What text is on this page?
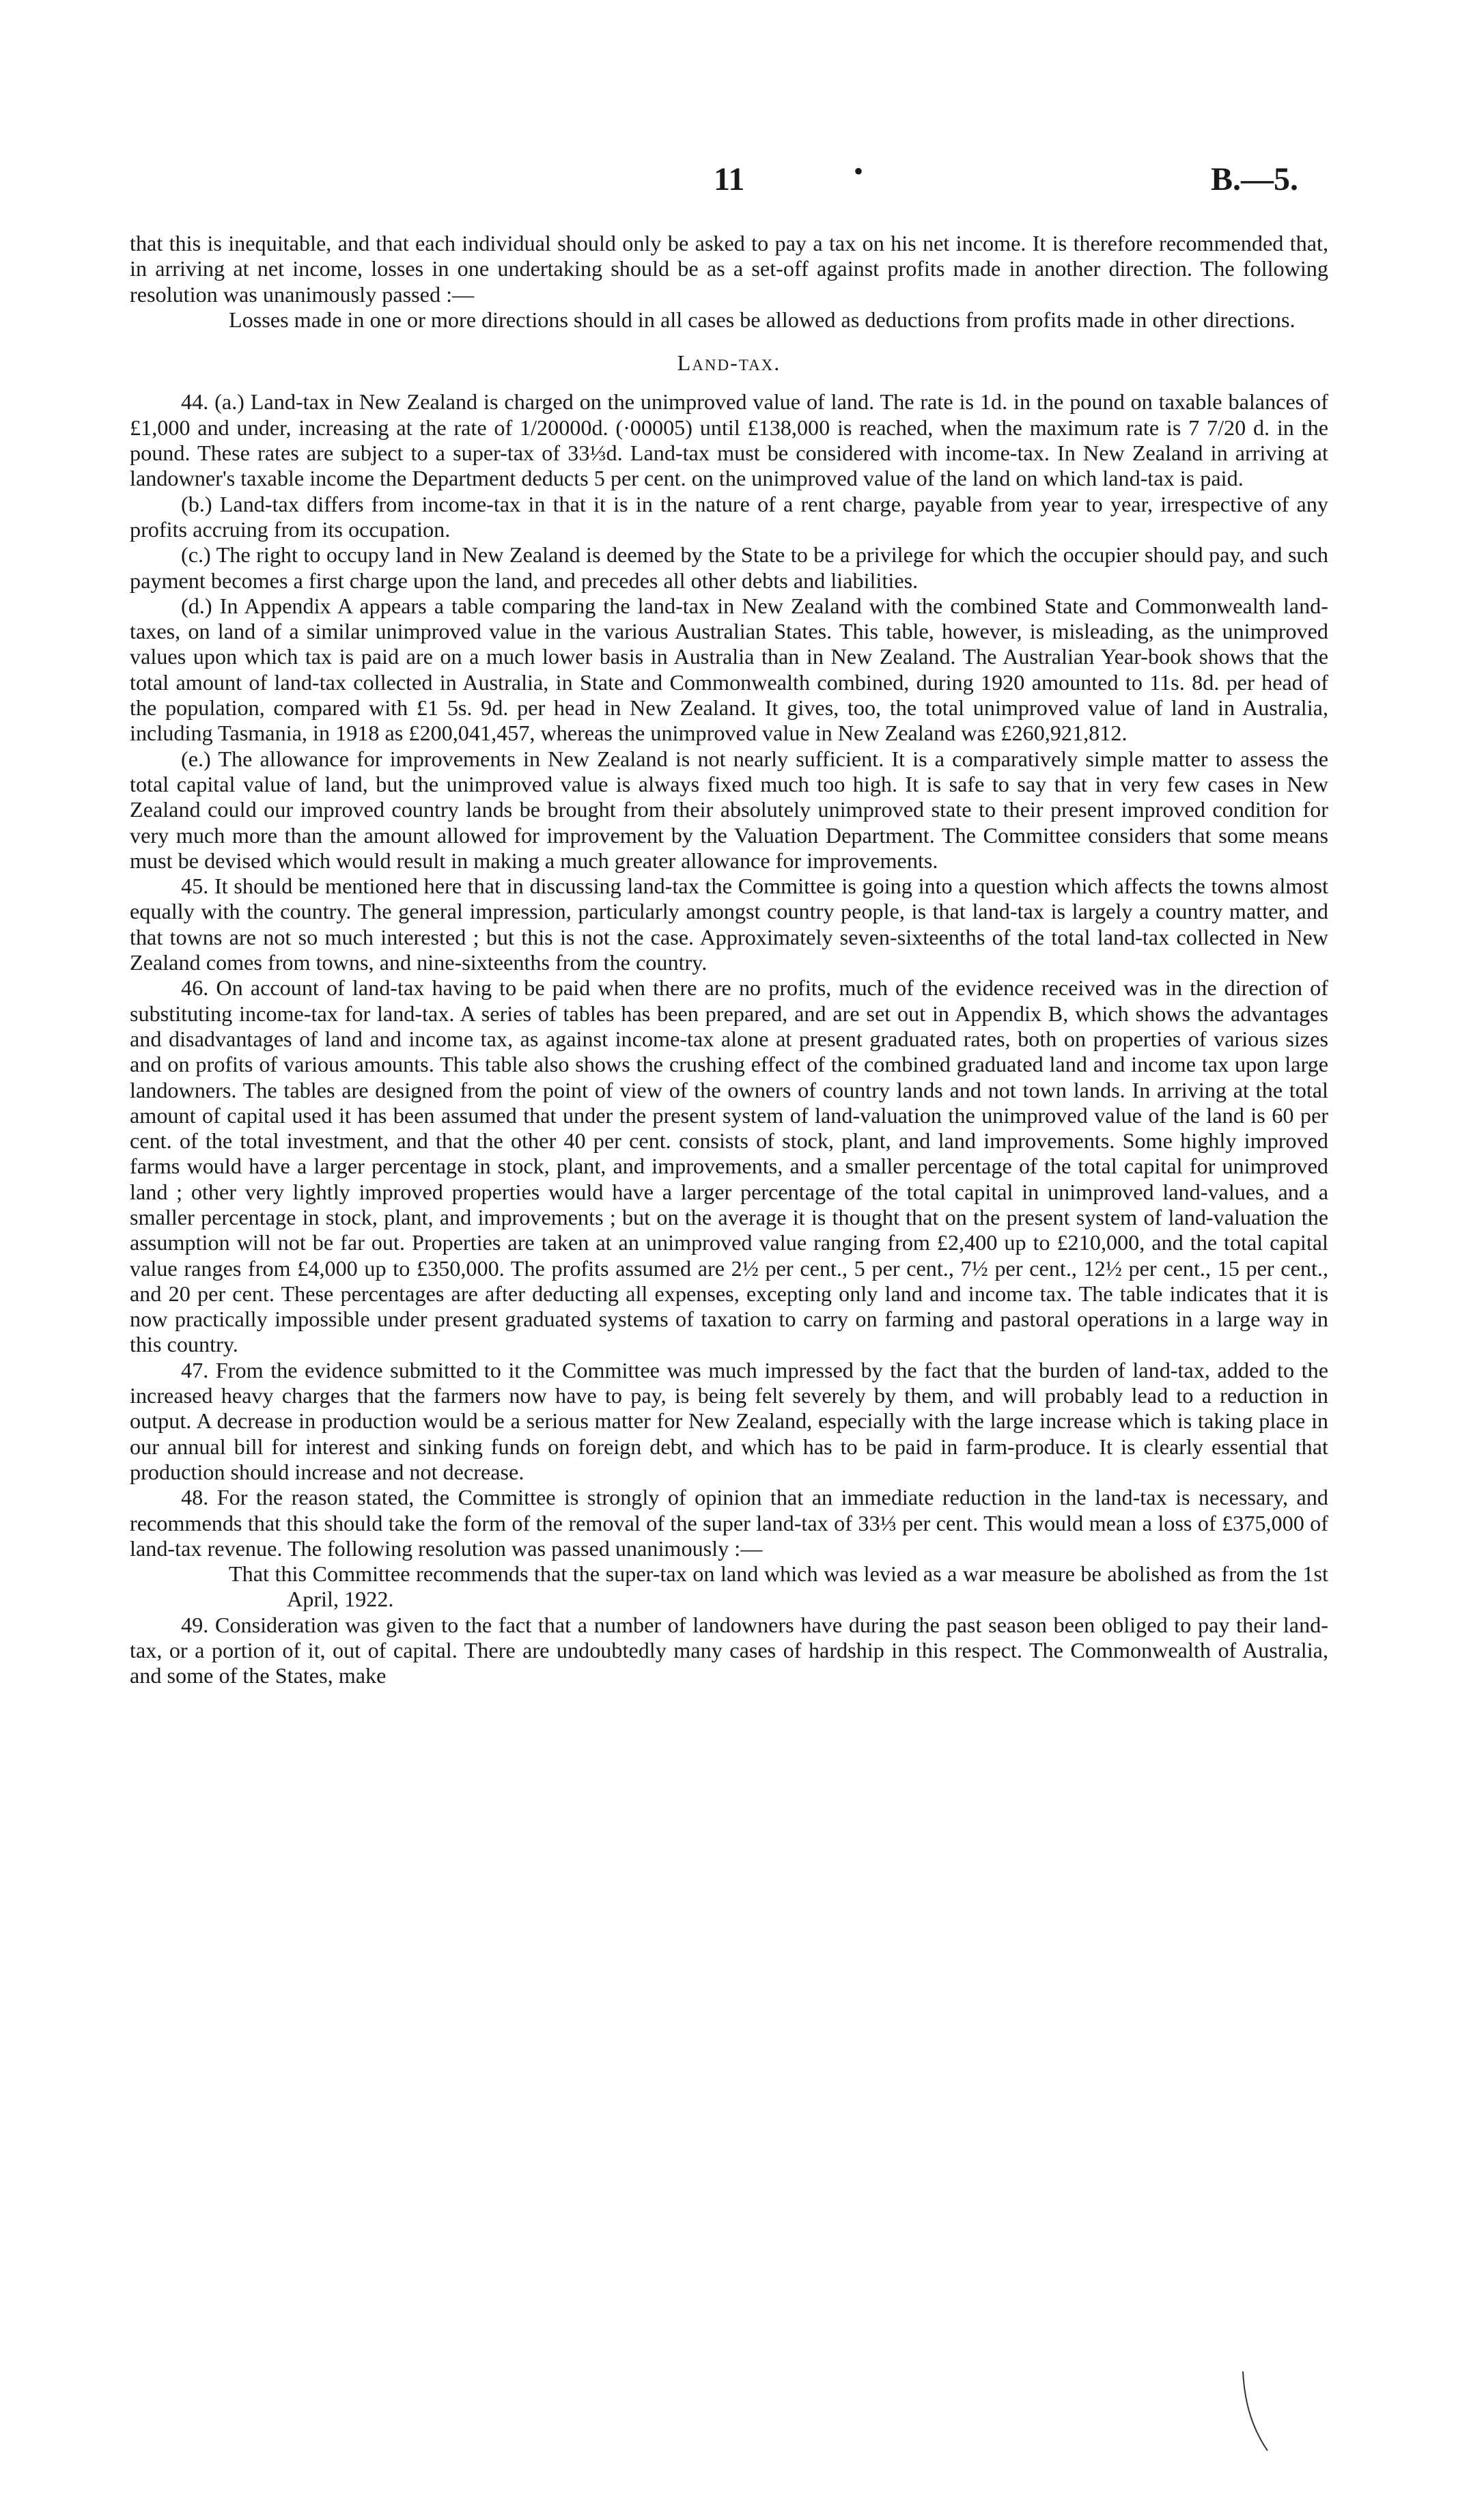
11	•	B.—5.

that this is inequitable, and that each individual should only be asked to pay a tax on his net income. It is therefore recommended that, in arriving at net income, losses in one undertaking should be as a set-off against profits made in another direction. The following resolution was unanimously passed :—

Losses made in one or more directions should in all cases be allowed as deductions from profits made in other directions.

Land-tax.

44. (a.) Land-tax in New Zealand is charged on the unimproved value of land. The rate is 1d. in the pound on taxable balances of £1,000 and under, increasing at the rate of 1/20000d. (·00005) until £138,000 is reached, when the maximum rate is 7 7/20 d. in the pound. These rates are subject to a super-tax of 33⅓d. Land-tax must be considered with income-tax. In New Zealand in arriving at landowner's taxable income the Department deducts 5 per cent. on the unimproved value of the land on which land-tax is paid.

(b.) Land-tax differs from income-tax in that it is in the nature of a rent charge, payable from year to year, irrespective of any profits accruing from its occupation.

(c.) The right to occupy land in New Zealand is deemed by the State to be a privilege for which the occupier should pay, and such payment becomes a first charge upon the land, and precedes all other debts and liabilities.

(d.) In Appendix A appears a table comparing the land-tax in New Zealand with the combined State and Commonwealth land-taxes, on land of a similar unimproved value in the various Australian States. This table, however, is misleading, as the unimproved values upon which tax is paid are on a much lower basis in Australia than in New Zealand. The Australian Year-book shows that the total amount of land-tax collected in Australia, in State and Commonwealth combined, during 1920 amounted to 11s. 8d. per head of the population, compared with £1 5s. 9d. per head in New Zealand. It gives, too, the total unimproved value of land in Australia, including Tasmania, in 1918 as £200,041,457, whereas the unimproved value in New Zealand was £260,921,812.

(e.) The allowance for improvements in New Zealand is not nearly sufficient. It is a comparatively simple matter to assess the total capital value of land, but the unimproved value is always fixed much too high. It is safe to say that in very few cases in New Zealand could our improved country lands be brought from their absolutely unimproved state to their present improved condition for very much more than the amount allowed for improvement by the Valuation Department. The Committee considers that some means must be devised which would result in making a much greater allowance for improvements.

45. It should be mentioned here that in discussing land-tax the Committee is going into a question which affects the towns almost equally with the country. The general impression, particularly amongst country people, is that land-tax is largely a country matter, and that towns are not so much interested ; but this is not the case. Approximately seven-sixteenths of the total land-tax collected in New Zealand comes from towns, and nine-sixteenths from the country.

46. On account of land-tax having to be paid when there are no profits, much of the evidence received was in the direction of substituting income-tax for land-tax. A series of tables has been prepared, and are set out in Appendix B, which shows the advantages and disadvantages of land and income tax, as against income-tax alone at present graduated rates, both on properties of various sizes and on profits of various amounts. This table also shows the crushing effect of the combined graduated land and income tax upon large landowners. The tables are designed from the point of view of the owners of country lands and not town lands. In arriving at the total amount of capital used it has been assumed that under the present system of land-valuation the unimproved value of the land is 60 per cent. of the total investment, and that the other 40 per cent. consists of stock, plant, and land improvements. Some highly improved farms would have a larger percentage in stock, plant, and improvements, and a smaller percentage of the total capital for unimproved land ; other very lightly improved properties would have a larger percentage of the total capital in unimproved land-values, and a smaller percentage in stock, plant, and improvements ; but on the average it is thought that on the present system of land-valuation the assumption will not be far out. Properties are taken at an unimproved value ranging from £2,400 up to £210,000, and the total capital value ranges from £4,000 up to £350,000. The profits assumed are 2½ per cent., 5 per cent., 7½ per cent., 12½ per cent., 15 per cent., and 20 per cent. These percentages are after deducting all expenses, excepting only land and income tax. The table indicates that it is now practically impossible under present graduated systems of taxation to carry on farming and pastoral operations in a large way in this country.

47. From the evidence submitted to it the Committee was much impressed by the fact that the burden of land-tax, added to the increased heavy charges that the farmers now have to pay, is being felt severely by them, and will probably lead to a reduction in output. A decrease in production would be a serious matter for New Zealand, especially with the large increase which is taking place in our annual bill for interest and sinking funds on foreign debt, and which has to be paid in farm-produce. It is clearly essential that production should increase and not decrease.

48. For the reason stated, the Committee is strongly of opinion that an immediate reduction in the land-tax is necessary, and recommends that this should take the form of the removal of the super land-tax of 33⅓ per cent. This would mean a loss of £375,000 of land-tax revenue. The following resolution was passed unanimously :—

That this Committee recommends that the super-tax on land which was levied as a war measure be abolished as from the 1st April, 1922.

49. Consideration was given to the fact that a number of landowners have during the past season been obliged to pay their land-tax, or a portion of it, out of capital. There are undoubtedly many cases of hardship in this respect. The Commonwealth of Australia, and some of the States, make
